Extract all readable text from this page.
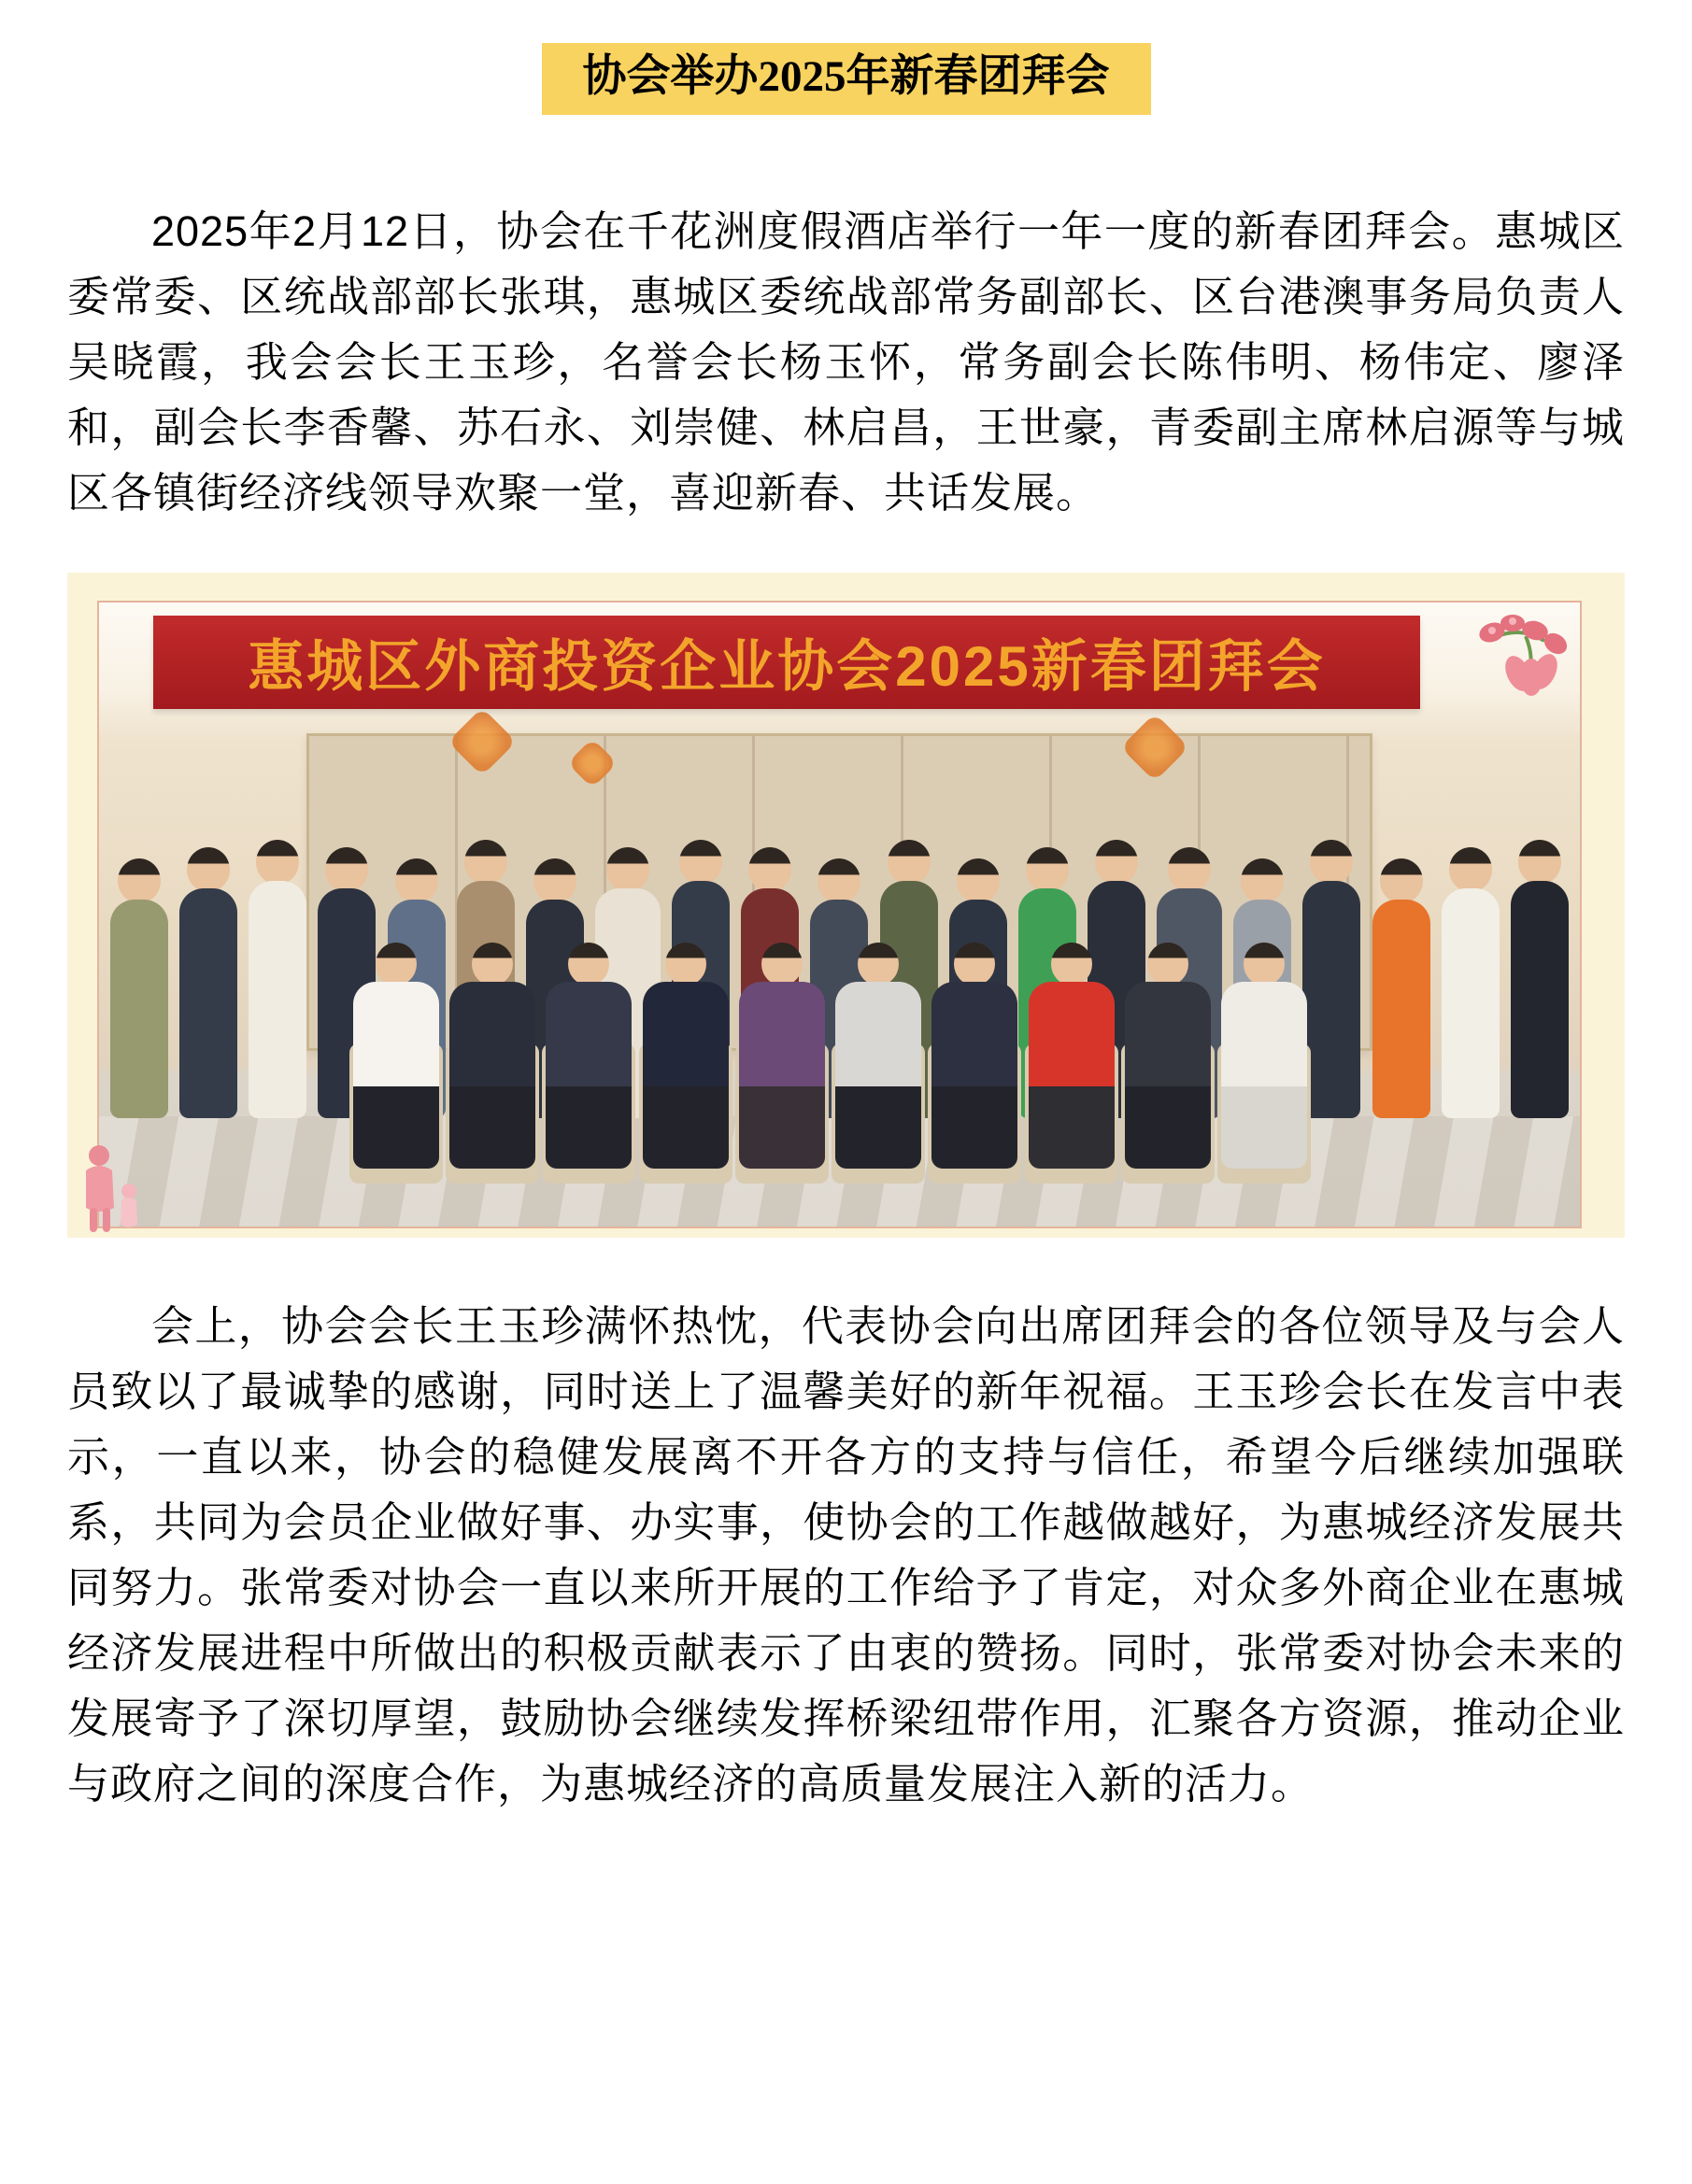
协会举办2025年新春团拜会

2025年2月12日，协会在千花洲度假酒店举行一年一度的新春团拜会。惠城区委常委、区统战部部长张琪，惠城区委统战部常务副部长、区台港澳事务局负责人吴晓霞，我会会长王玉珍，名誉会长杨玉怀，常务副会长陈伟明、杨伟定、廖泽和，副会长李香馨、苏石永、刘崇健、林启昌，王世豪，青委副主席林启源等与城区各镇街经济线领导欢聚一堂，喜迎新春、共话发展。

惠城区外商投资企业协会2025新春团拜会

会上，协会会长王玉珍满怀热忱，代表协会向出席团拜会的各位领导及与会人员致以了最诚挚的感谢，同时送上了温馨美好的新年祝福。王玉珍会长在发言中表示，一直以来，协会的稳健发展离不开各方的支持与信任，希望今后继续加强联系，共同为会员企业做好事、办实事，使协会的工作越做越好，为惠城经济发展共同努力。张常委对协会一直以来所开展的工作给予了肯定，对众多外商企业在惠城经济发展进程中所做出的积极贡献表示了由衷的赞扬。同时，张常委对协会未来的发展寄予了深切厚望，鼓励协会继续发挥桥梁纽带作用，汇聚各方资源，推动企业与政府之间的深度合作，为惠城经济的高质量发展注入新的活力。
